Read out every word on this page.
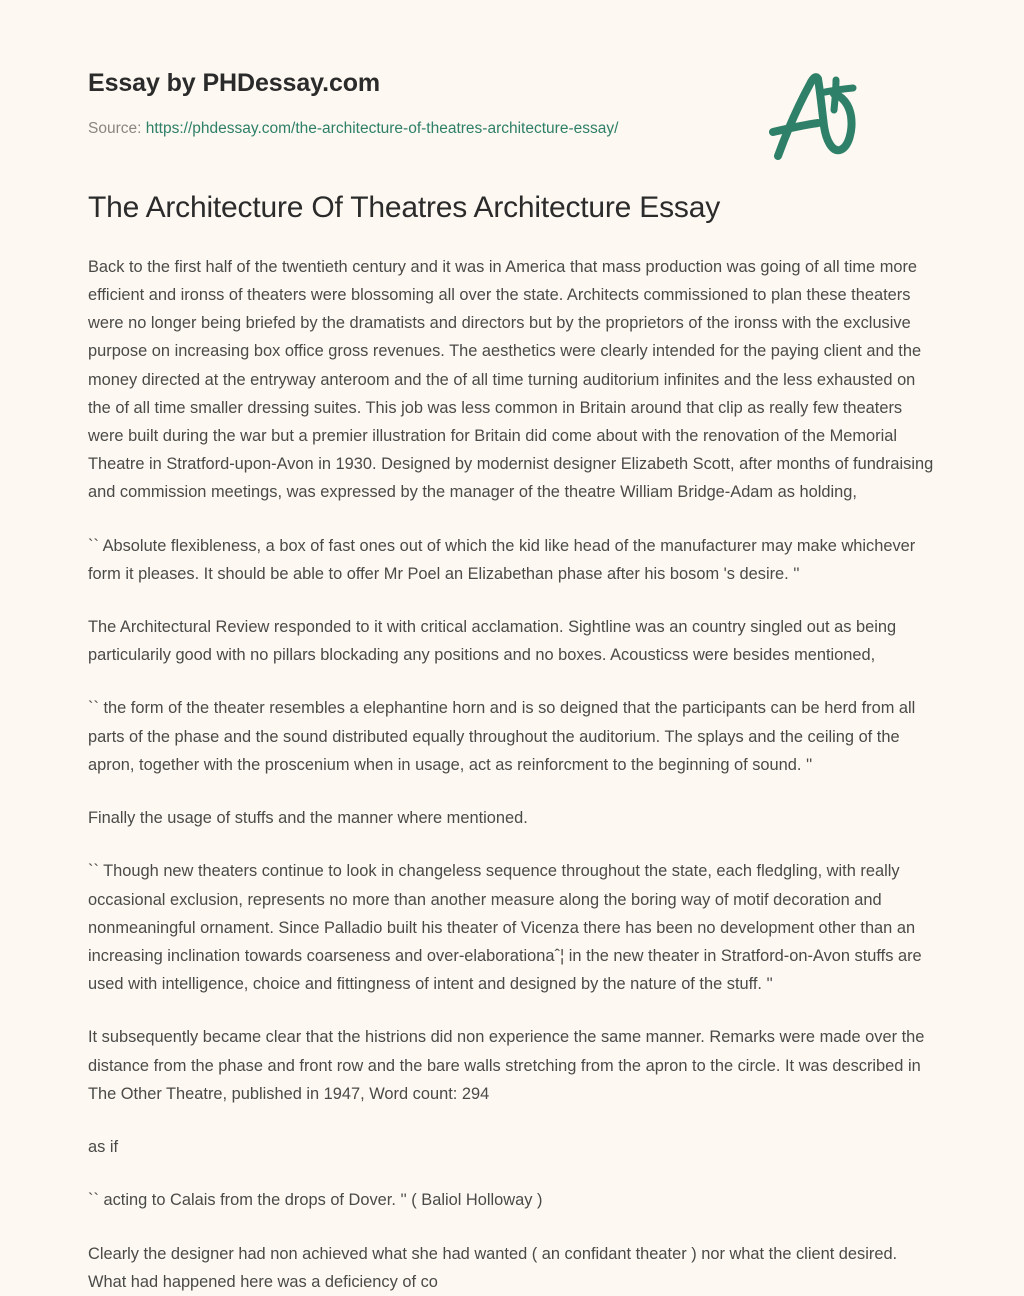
Essay by PHDessay.com
Source: https://phdessay.com/the-architecture-of-theatres-architecture-essay/
The Architecture Of Theatres Architecture Essay

Back to the first half of the twentieth century and it was in America that mass production was going of all time more efficient and ironss of theaters were blossoming all over the state. Architects commissioned to plan these theaters were no longer being briefed by the dramatists and directors but by the proprietors of the ironss with the exclusive purpose on increasing box office gross revenues. The aesthetics were clearly intended for the paying client and the money directed at the entryway anteroom and the of all time turning auditorium infinites and the less exhausted on the of all time smaller dressing suites. This job was less common in Britain around that clip as really few theaters were built during the war but a premier illustration for Britain did come about with the renovation of the Memorial Theatre in Stratford-upon-Avon in 1930. Designed by modernist designer Elizabeth Scott, after months of fundraising and commission meetings, was expressed by the manager of the theatre William Bridge-Adam as holding,

`` Absolute flexibleness, a box of fast ones out of which the kid like head of the manufacturer may make whichever form it pleases. It should be able to offer Mr Poel an Elizabethan phase after his bosom 's desire. ''

The Architectural Review responded to it with critical acclamation. Sightline was an country singled out as being particularily good with no pillars blockading any positions and no boxes. Acousticss were besides mentioned,

`` the form of the theater resembles a elephantine horn and is so deigned that the participants can be herd from all parts of the phase and the sound distributed equally throughout the auditorium. The splays and the ceiling of the apron, together with the proscenium when in usage, act as reinforcment to the beginning of sound. ''

Finally the usage of stuffs and the manner where mentioned.

`` Though new theaters continue to look in changeless sequence throughout the state, each fledgling, with really occasional exclusion, represents no more than another measure along the boring way of motif decoration and nonmeaningful ornament. Since Palladio built his theater of Vicenza there has been no development other than an increasing inclination towards coarseness and over-elaborationaˆ¦ in the new theater in Stratford-on-Avon stuffs are used with intelligence, choice and fittingness of intent and designed by the nature of the stuff. ''

It subsequently became clear that the histrions did non experience the same manner. Remarks were made over the distance from the phase and front row and the bare walls stretching from the apron to the circle. It was described in The Other Theatre, published in 1947, Word count: 294

as if

`` acting to Calais from the drops of Dover. '' ( Baliol Holloway )

Clearly the designer had non achieved what she had wanted ( an confidant theater ) nor what the client desired. What had happened here was a deficiency of co
